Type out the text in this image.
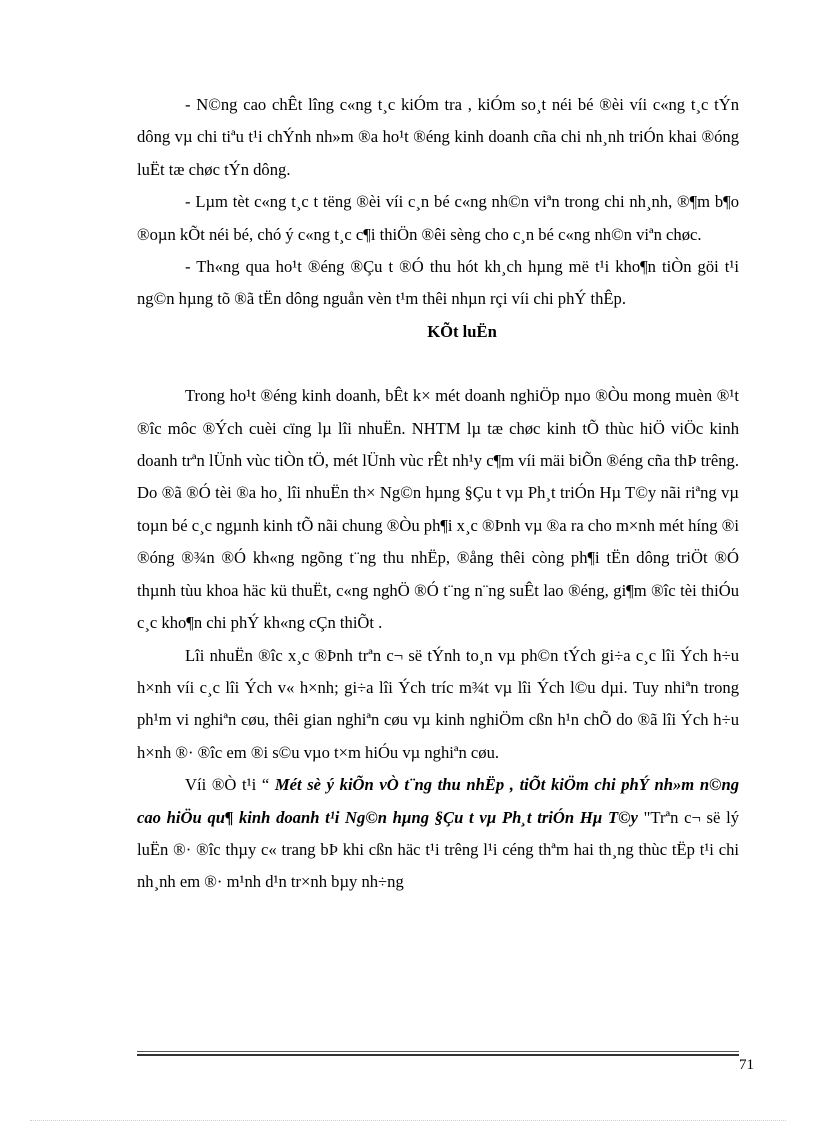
- N©ng cao chÊt lîng c«ng t¸c kiÓm tra , kiÓm so¸t néi bé ®èi víi c«ng t¸c tÝn dông vµ chi tiªu t¹i chÝnh nh»m ®a ho¹t ®éng kinh doanh cña chi nh¸nh triÓn khai ®óng luËt tæ chøc tÝn dông.

- Lµm tèt c«ng t¸c t tëng ®èi víi c¸n bé c«ng nh©n viªn trong chi nh¸nh, ®¶m b¶o ®oµn kÕt néi bé, chó ý c«ng t¸c c¶i thiÖn ®êi sèng cho c¸n bé c«ng nh©n viªn chøc.

- Th«ng qua ho¹t ®éng ®Çu t ®Ó thu hót kh¸ch hµng më t¹i kho¶n tiÒn göi t¹i ng©n hµng tõ ®ã tËn dông nguån vèn t¹m thêi nhµn rçi víi chi phÝ thÊp.

KÕt luËn

Trong ho¹t ®éng kinh doanh, bÊt k× mét doanh nghiÖp nµo ®Òu mong muèn ®¹t ®îc môc ®Ých cuèi cïng lµ lîi nhuËn. NHTM lµ tæ chøc kinh tÕ thùc hiÖ viÖc kinh doanh trªn lÜnh vùc tiÒn tÖ, mét lÜnh vùc rÊt nh¹y c¶m víi mäi biÕn ®éng cña thÞ trêng. Do ®ã ®Ó tèi ®a ho¸ lîi nhuËn th× Ng©n hµng §Çu t vµ Ph¸t triÓn Hµ T©y nãi riªng vµ toµn bé c¸c ngµnh kinh tÕ nãi chung ®Òu ph¶i x¸c ®Þnh vµ ®a ra cho m×nh mét híng ®i ®óng ®¾n ®Ó kh«ng ngõng t¨ng thu nhËp, ®ång thêi còng ph¶i tËn dông triÖt ®Ó thµnh tùu khoa häc kü thuËt, c«ng nghÖ ®Ó t¨ng n¨ng suÊt lao ®éng, gi¶m ®îc tèi thiÓu c¸c kho¶n chi phÝ kh«ng cÇn thiÕt .

Lîi nhuËn ®îc x¸c ®Þnh trªn c¬ së tÝnh to¸n vµ ph©n tÝch gi÷a c¸c lîi Ých h÷u h×nh víi c¸c lîi Ých v« h×nh; gi÷a lîi Ých tríc m¾t vµ lîi Ých l©u dµi. Tuy nhiªn trong ph¹m vi nghiªn cøu, thêi gian nghiªn cøu vµ kinh nghiÖm cßn h¹n chÕ do ®ã lîi Ých h÷u h×nh ®· ®îc em ®i s©u vµo t×m hiÓu vµ nghiªn cøu.

Víi ®Ò t¹i “ Mét sè ý kiÕn vÒ t¨ng thu nhËp , tiÕt kiÖm chi phÝ nh»m n©ng cao hiÖu qu¶ kinh doanh t¹i Ng©n hµng §Çu t vµ Ph¸t triÓn Hµ T©y "Trªn c¬ së lý luËn ®· ®îc thµy c« trang bÞ khi cßn häc t¹i trêng l¹i céng thªm hai th¸ng thùc tËp t¹i chi nh¸nh em ®· m¹nh d¹n tr×nh bµy nh÷ng

71
